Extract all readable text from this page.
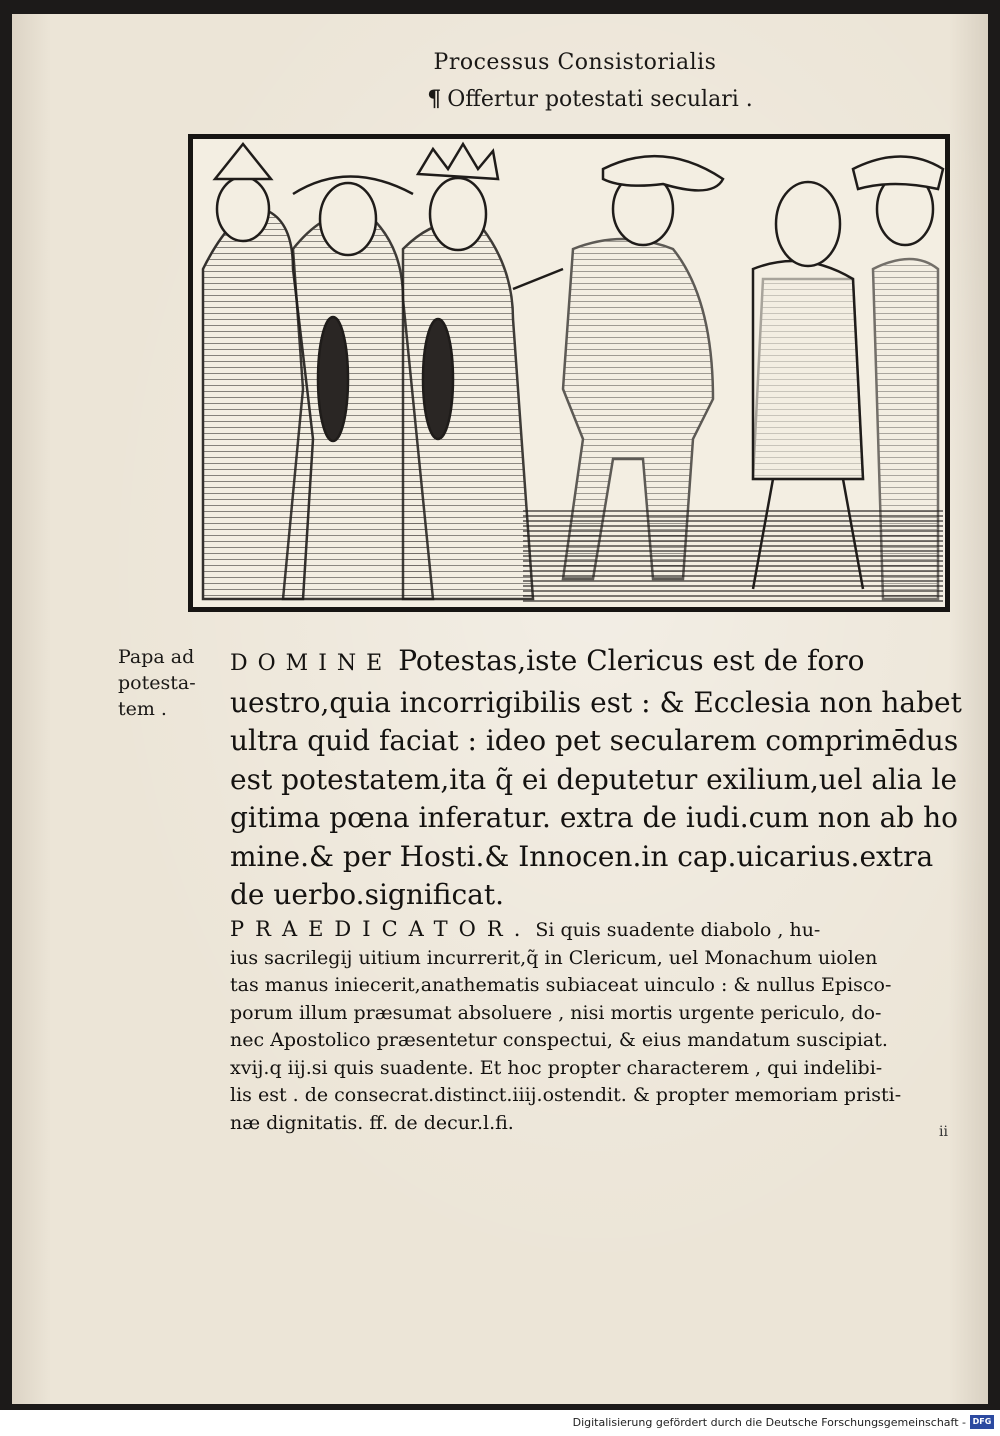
Processus Consistorialis
¶ Offertur potestati seculari .
Papa ad
potesta-
tem .
DOMINE Potestas,iste Clericus est de foro
uestro,quia incorrigibilis est : & Ecclesia non habet
ultra quid faciat : ideo pet secularem comprimēdus
est potestatem,ita q̃ ei deputetur exilium,uel alia le
gitima pœna inferatur. extra de iudi.cum non ab ho
mine.& per Hosti.& Innocen.in cap.uicarius.extra
de uerbo.significat.
PRAEDICATOR. Si quis suadente diabolo , hu-
ius sacrilegij uitium incurrerit,q̃ in Clericum, uel Monachum uiolen
tas manus iniecerit,anathematis subiaceat uinculo : & nullus Episco-
porum illum præsumat absoluere , nisi mortis urgente periculo, do-
nec Apostolico præsentetur conspectui, & eius mandatum suscipiat.
xvij.q iij.si quis suadente. Et hoc propter characterem , qui indelibi-
lis est . de consecrat.distinct.iiij.ostendit. & propter memoriam pristi-
næ dignitatis. ff. de decur.l.fi.	ii
Digitalisierung gefördert durch die Deutsche Forschungsgemeinschaft - DFG
